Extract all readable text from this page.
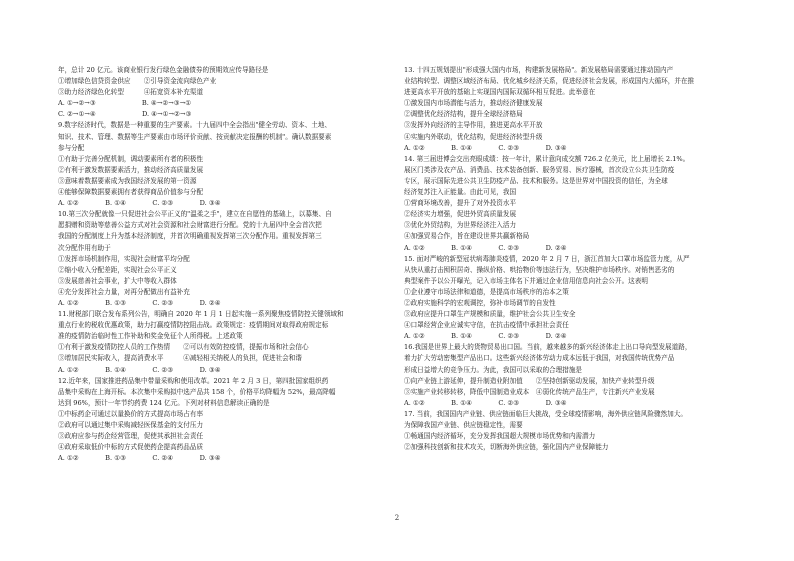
年，总计 20 亿元。该商业银行发行绿色金融债券的预期效应传导路径是
①增加绿色信贷资金供应　　②引导资金流向绿色产业
③助力经济绿色化转型　　　④拓宽资本补充渠道
A. ①→②→③　　　　　　　B. ④→②→③→①
C. ②→①→④　　　　　　　D. ④→①→②→③
9.数字经济时代，数据是一种重要的生产要素。十九届四中全会指出"健全劳动、资本、土地、
知识、技术、管理、数据等生产要素由市场评价贡献、按贡献决定报酬的机制"。确认数据要素
参与分配
①有助于完善分配机制，调动要素所有者的积极性
②有利于激发数据要素活力，推动经济高质量发展
③意味着数据要素成为我国经济发展的第一资源
④能够保障数据要素拥有者获得商品价值参与分配
A. ①②　　　　B. ①④　　　　C. ②③　　　　D. ③④
10.第三次分配就像一只促进社会公平正义的"温柔之手"，建立在自愿性的基础上，以募集、自
愿捐赠和资助等慈善公益方式对社会资源和社会财富进行分配。党的十九届四中全会首次把
我国的分配制度上升为基本经济制度，并首次明确重视发挥第三次分配作用。重视发挥第三
次分配作用有助于
①发挥市场机制作用，实现社会财富平均分配
②缩小收入分配差距，实现社会公平正义
③发展慈善社会事业，扩大中等收入群体
④充分发挥社会力量，对再分配做出有益补充
A. ①②　　　　B. ①③　　　　C. ②③　　　　D. ②④
11.财税部门联合发布系列公告，明确自 2020 年 1 月 1 日起实施一系列聚焦疫情防控关键领域和
重点行业的税收优惠政策，助力打赢疫情防控阻击战。政策规定：疫情期间对取得政府规定标
准的疫情防治临时性工作补助和奖金免征个人所得税。上述政策
①有利于激发疫情防控人员的工作热情　　②可以有效防控疫情，提振市场和社会信心
③增加居民实际收入，提高消费水平　　　④减轻相关纳税人的负担，促进社会和谐
A. ①②　　　　B. ①④　　　　C. ②③　　　　D. ③④
12.近年来，国家推进药品集中带量采购和使用改革。2021 年 2 月 3 日，第四批国家组织药
品集中采购在上海开标。本次集中采购拟中选产品共 158 个，价格平均降幅为 52%，最高降幅
达到 96%，预计一年节约药费 124 亿元。下列对材料信息解读正确的是
①中标药企可通过以量换价的方式提高市场占有率
②政府可以通过集中采购减轻医保基金的支付压力
③政府应参与药企经营管理，促使其承担社会责任
④政府采取低价中标的方式促使药企提高药品品质
A. ①②　　　　B. ①③　　　　C. ②④　　　　D. ③④
13. 十四五规划提出"形成强大国内市场，构建新发展格局"。新发展格局需要通过推动国内产
业结构转型、调整区域经济布局、优化城乡经济关系，促进经济社会发展，形成国内大循环，并在推
进更高水平开放的基础上实现国内国际双循环相互促进。此举意在
①激发国内市场潜能与活力，推动经济健康发展
②调整优化经济结构，提升全球经济格局
③发挥外向经济的主导作用，推进更高水平开放
④实施内外联动，优化结构，促进经济转型升级
A. ①②　　　　B. ①④　　　　C. ②③　　　　D. ③④
14. 第三届进博会交出亮眼成绩：按一年计，累计意向成交额 726.2 亿美元，比上届增长 2.1%。
展区门类涉及农产品、消费品、技术装备创新、服务贸易、医疗器械，首次设立公共卫生防疫
专区，展示国际先进公共卫生防疫产品、技术和服务。这是世界对中国投资的信任，为全球
经济复苏注入正能量。由此可见，我国
①营商环境改善，提升了对外投资水平
②经济实力增强，促进外贸高质量发展
③优化外贸结构，为世界经济注入活力
④加强贸易合作，旨在建设世界共赢新格局
A. ①②　　　　B. ①④　　　　C. ②③　　　　D. ②④
15. 面对严峻的新型冠状病毒肺炎疫情，2020 年 2 月 7 日，浙江首加大口罩市场监管力度，从严
从快从重打击囤积居奇、操纵价格、哄抬物价等违法行为，坚决维护市场秩序。对销售恶劣的
典型案件予以公开曝光，记入市场主体名下并通过企业信用信息向社会公开。这表明
①企业遵守市场法律和道德，是提高市场秩序的治本之策
②政府实施科学的宏观调控，弥补市场调节的自发性
③政府应提升口罩生产规模和质量，维护社会公共卫生安全
④口罩经营企业应诚实守信，在抗击疫情中承担社会责任
A. ①②　　　　B. ①④　　　　C. ②③　　　　D. ②④
16.我国是世界上最大的货物贸易出口国。当前，越来越多的新兴经济体走上出口导向型发展道路，
着力扩大劳动密集型产品出口。这些新兴经济体劳动力成本远低于我国，对我国传统优势产品
形成日益增大的竞争压力。为此，我国可以采取的合理措施是
①向产业链上游延伸，提升制造业附加值　　②坚持创新驱动发展，加快产业转型升级
③实施产业转移转移，降低中国制造业成本　④弱化传统产品生产，专注新兴产业发展
A. ①②　　　　B. ①④　　　　C. ②③　　　　D. ③④
17. 当前，我国国内产业链、供应链面临巨大挑战，受全球疫情影响，海外供应链风险骤然加大。
为保障我国产业链、供应链稳定性，需要
①畅通国内经济循环，充分发挥我国超大规模市场优势和内需潜力
②加强科技创新和技术攻关，切断海外供应链，强化国内产业保障能力
2
